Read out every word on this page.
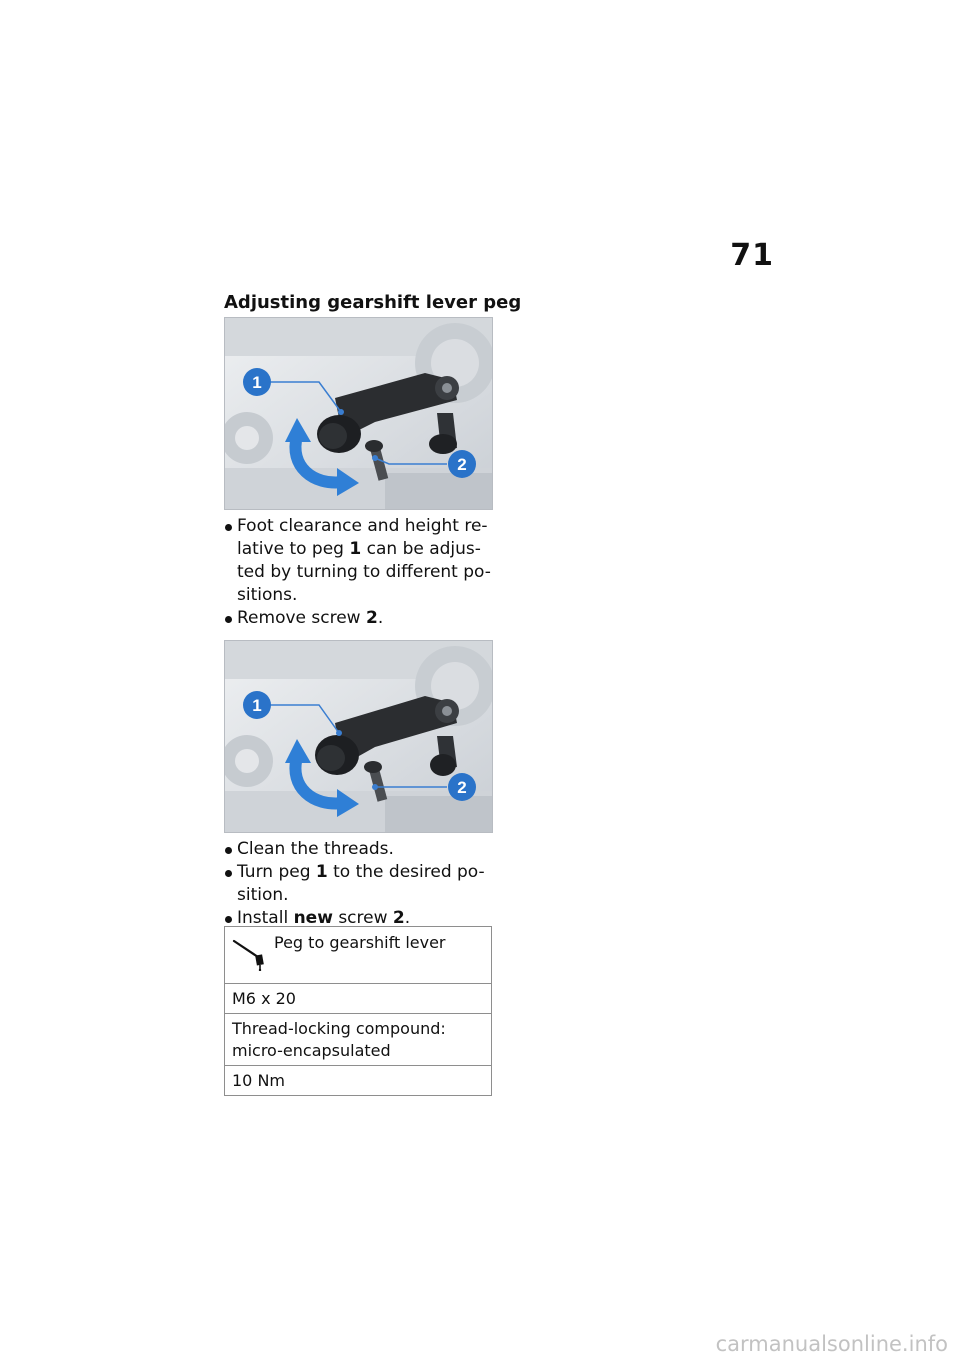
71
Adjusting gearshift lever peg
1
2
Foot clearance and height re-lative to peg 1 can be adjus-ted by turning to different po-sitions.
Remove screw 2.
1
2
Clean the threads.
Turn peg 1 to the desired po-sition.
Install new screw 2.
Peg to gearshift lever

M6 x 20
Thread-locking compound: micro-encapsulated
10 Nm
carmanualsonline.info
